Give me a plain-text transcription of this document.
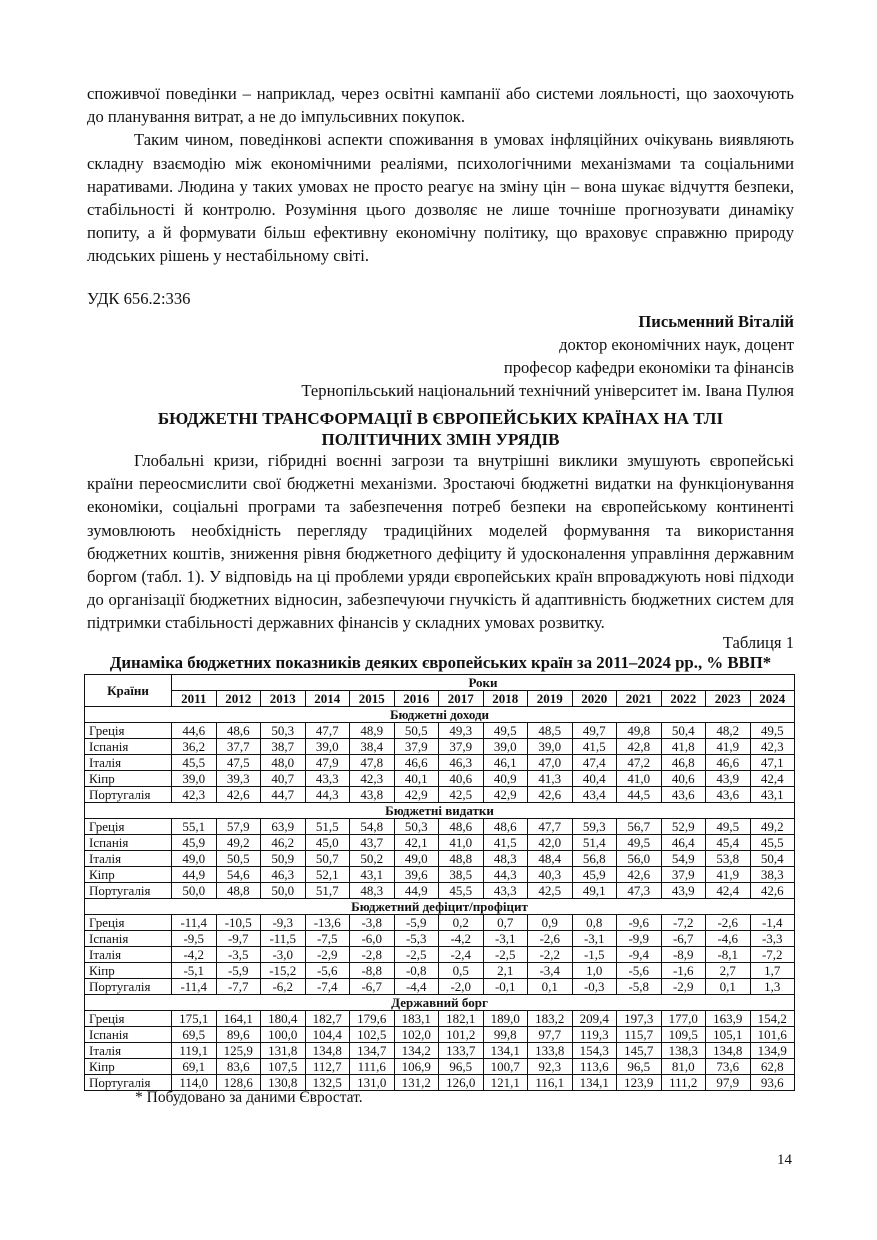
споживчої поведінки – наприклад, через освітні кампанії або системи лояльності, що заохочують до планування витрат, а не до імпульсивних покупок.

Таким чином, поведінкові аспекти споживання в умовах інфляційних очікувань виявляють складну взаємодію між економічними реаліями, психологічними механізмами та соціальними наративами. Людина у таких умовах не просто реагує на зміну цін – вона шукає відчуття безпеки, стабільності й контролю. Розуміння цього дозволяє не лише точніше прогнозувати динаміку попиту, а й формувати більш ефективну економічну політику, що враховує справжню природу людських рішень у нестабільному світі.

УДК 656.2:336
Письменний Віталій
доктор економічних наук, доцент
професор кафедри економіки та фінансів
Тернопільський національний технічний університет ім. Івана Пулюя
БЮДЖЕТНІ ТРАНСФОРМАЦІЇ В ЄВРОПЕЙСЬКИХ КРАЇНАХ НА ТЛІ
ПОЛІТИЧНИХ ЗМІН УРЯДІВ

Глобальні кризи, гібридні воєнні загрози та внутрішні виклики змушують європейські країни переосмислити свої бюджетні механізми. Зростаючі бюджетні видатки на функціонування економіки, соціальні програми та забезпечення потреб безпеки на європейському континенті зумовлюють необхідність перегляду традиційних моделей формування та використання бюджетних коштів, зниження рівня бюджетного дефіциту й удосконалення управління державним боргом (табл. 1). У відповідь на ці проблеми уряди європейських країн впроваджують нові підходи до організації бюджетних відносин, забезпечуючи гнучкість й адаптивність бюджетних систем для підтримки стабільності державних фінансів у складних умовах розвитку.

Таблиця 1
Динаміка бюджетних показників деяких європейських країн за 2011–2024 рр., % ВВП*
Країни	Роки													
	2011	2012	2013	2014	2015	2016	2017	2018	2019	2020	2021	2022	2023	2024
Бюджетні доходи														
Греція	44,6	48,6	50,3	47,7	48,9	50,5	49,3	49,5	48,5	49,7	49,8	50,4	48,2	49,5
Іспанія	36,2	37,7	38,7	39,0	38,4	37,9	37,9	39,0	39,0	41,5	42,8	41,8	41,9	42,3
Італія	45,5	47,5	48,0	47,9	47,8	46,6	46,3	46,1	47,0	47,4	47,2	46,8	46,6	47,1
Кіпр	39,0	39,3	40,7	43,3	42,3	40,1	40,6	40,9	41,3	40,4	41,0	40,6	43,9	42,4
Португалія	42,3	42,6	44,7	44,3	43,8	42,9	42,5	42,9	42,6	43,4	44,5	43,6	43,6	43,1
Бюджетні видатки														
Греція	55,1	57,9	63,9	51,5	54,8	50,3	48,6	48,6	47,7	59,3	56,7	52,9	49,5	49,2
Іспанія	45,9	49,2	46,2	45,0	43,7	42,1	41,0	41,5	42,0	51,4	49,5	46,4	45,4	45,5
Італія	49,0	50,5	50,9	50,7	50,2	49,0	48,8	48,3	48,4	56,8	56,0	54,9	53,8	50,4
Кіпр	44,9	54,6	46,3	52,1	43,1	39,6	38,5	44,3	40,3	45,9	42,6	37,9	41,9	38,3
Португалія	50,0	48,8	50,0	51,7	48,3	44,9	45,5	43,3	42,5	49,1	47,3	43,9	42,4	42,6
Бюджетний дефіцит/профіцит														
Греція	-11,4	-10,5	-9,3	-13,6	-3,8	-5,9	0,2	0,7	0,9	0,8	-9,6	-7,2	-2,6	-1,4
Іспанія	-9,5	-9,7	-11,5	-7,5	-6,0	-5,3	-4,2	-3,1	-2,6	-3,1	-9,9	-6,7	-4,6	-3,3
Італія	-4,2	-3,5	-3,0	-2,9	-2,8	-2,5	-2,4	-2,5	-2,2	-1,5	-9,4	-8,9	-8,1	-7,2
Кіпр	-5,1	-5,9	-15,2	-5,6	-8,8	-0,8	0,5	2,1	-3,4	1,0	-5,6	-1,6	2,7	1,7
Португалія	-11,4	-7,7	-6,2	-7,4	-6,7	-4,4	-2,0	-0,1	0,1	-0,3	-5,8	-2,9	0,1	1,3
Державний борг														
Греція	175,1	164,1	180,4	182,7	179,6	183,1	182,1	189,0	183,2	209,4	197,3	177,0	163,9	154,2
Іспанія	69,5	89,6	100,0	104,4	102,5	102,0	101,2	99,8	97,7	119,3	115,7	109,5	105,1	101,6
Італія	119,1	125,9	131,8	134,8	134,7	134,2	133,7	134,1	133,8	154,3	145,7	138,3	134,8	134,9
Кіпр	69,1	83,6	107,5	112,7	111,6	106,9	96,5	100,7	92,3	113,6	96,5	81,0	73,6	62,8
Португалія	114,0	128,6	130,8	132,5	131,0	131,2	126,0	121,1	116,1	134,1	123,9	111,2	97,9	93,6
* Побудовано за даними Євростат.
14
